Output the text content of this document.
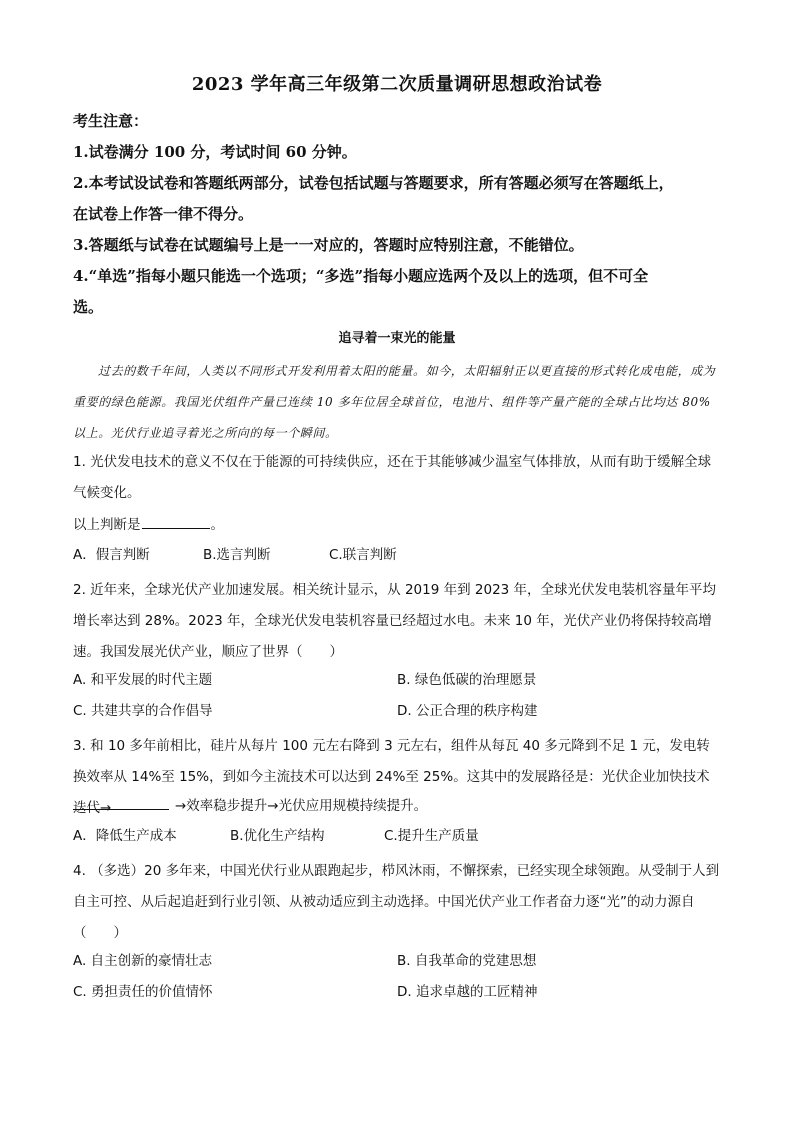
2023 学年高三年级第二次质量调研思想政治试卷

考生注意：

1.试卷满分 100 分，考试时间 60 分钟。

2.本考试设试卷和答题纸两部分，试卷包括试题与答题要求，所有答题必须写在答题纸上，

在试卷上作答一律不得分。

3.答题纸与试卷在试题编号上是一一对应的，答题时应特别注意，不能错位。

4.“单选”指每小题只能选一个选项；“多选”指每小题应选两个及以上的选项，但不可全

选。

追寻着一束光的能量

过去的数千年间，人类以不同形式开发利用着太阳的能量。如今，太阳辐射正以更直接的形式转化成电能，成为重要的绿色能源。我国光伏组件产量已连续 10 多年位居全球首位，电池片、组件等产量产能的全球占比均达 80%以上。光伏行业追寻着光之所向的每一个瞬间。

1. 光伏发电技术的意义不仅在于能源的可持续供应，还在于其能够减少温室气体排放，从而有助于缓解全球气候变化。

以上判断是	。
A．假言判断	B.选言判断	C.联言判断

2. 近年来，全球光伏产业加速发展。相关统计显示，从 2019 年到 2023 年，全球光伏发电装机容量年平均增长率达到 28%。2023 年，全球光伏发电装机容量已经超过水电。未来 10 年，光伏产业仍将保持较高增速。我国发展光伏产业，顺应了世界（　　）

A. 和平发展的时代主题	B. 绿色低碳的治理愿景
C. 共建共享的合作倡导	D. 公正合理的秩序构建

3. 和 10 多年前相比，硅片从每片 100 元左右降到 3 元左右，组件从每瓦 40 多元降到不足 1 元，发电转换效率从 14%至 15%，到如今主流技术可以达到 24%至 25%。这其中的发展路径是：光伏企业加快技术迭代→	→效率稳步提升→光伏应用规模持续提升。
A．降低生产成本	B.优化生产结构	C.提升生产质量

4. （多选）20 多年来，中国光伏行业从跟跑起步，栉风沐雨，不懈探索，已经实现全球领跑。从受制于人到自主可控、从后起追赶到行业引领、从被动适应到主动选择。中国光伏产业工作者奋力逐“光”的动力源自（　　）

A. 自主创新的豪情壮志	B. 自我革命的党建思想
C. 勇担责任的价值情怀	D. 追求卓越的工匠精神
